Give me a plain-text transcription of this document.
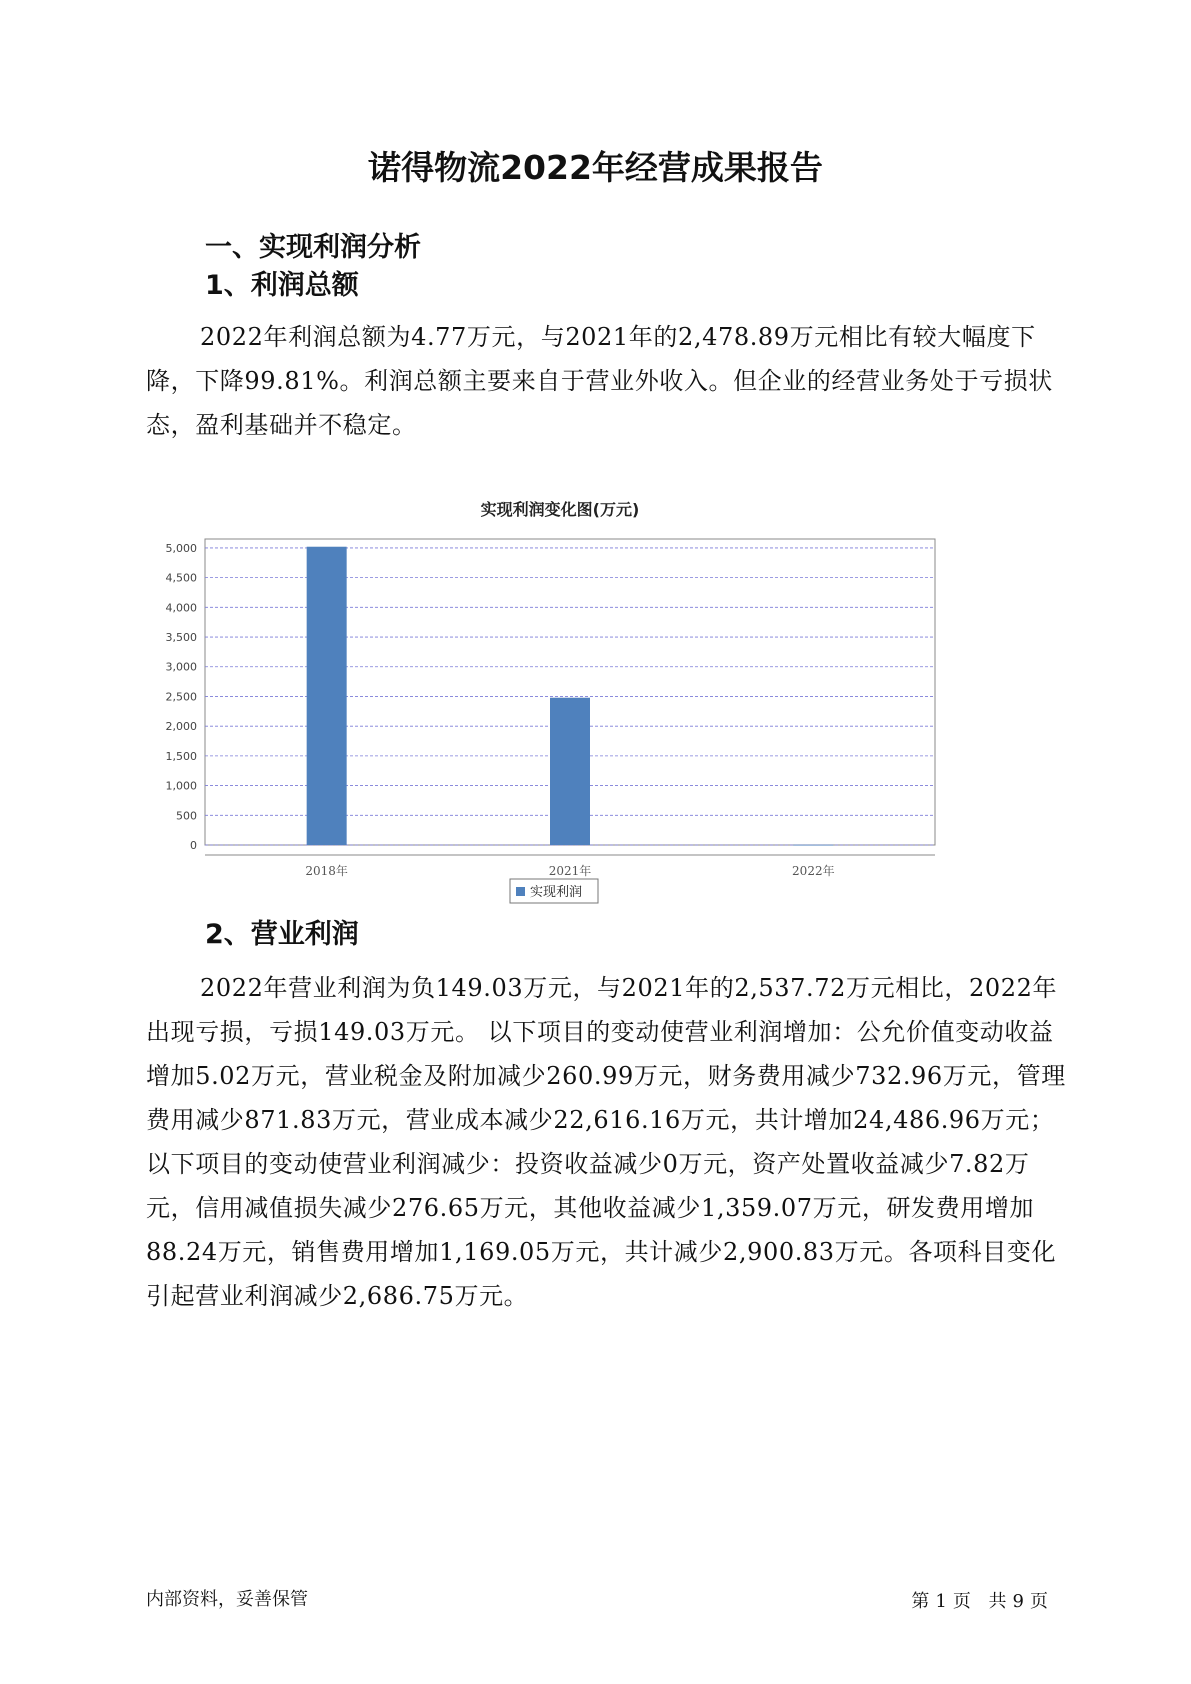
诺得物流2022年经营成果报告
一、实现利润分析
1、利润总额

2022年利润总额为4.77万元，与2021年的2,478.89万元相比有较大幅度下降，下降99.81%。利润总额主要来自于营业外收入。但企业的经营业务处于亏损状态，盈利基础并不稳定。

实现利润变化图(万元)
0
500
1,000
1,500
2,000
2,500
3,000
3,500
4,000
4,500
5,000
2018年	2021年	2022年
实现利润
2、营业利润

2022年营业利润为负149.03万元，与2021年的2,537.72万元相比，2022年出现亏损，亏损149.03万元。 以下项目的变动使营业利润增加：公允价值变动收益增加5.02万元，营业税金及附加减少260.99万元，财务费用减少732.96万元，管理费用减少871.83万元，营业成本减少22,616.16万元，共计增加24,486.96万元；以下项目的变动使营业利润减少：投资收益减少0万元，资产处置收益减少7.82万元，信用减值损失减少276.65万元，其他收益减少1,359.07万元，研发费用增加88.24万元，销售费用增加1,169.05万元，共计减少2,900.83万元。各项科目变化引起营业利润减少2,686.75万元。

内部资料，妥善保管	第 1 页 共 9 页
